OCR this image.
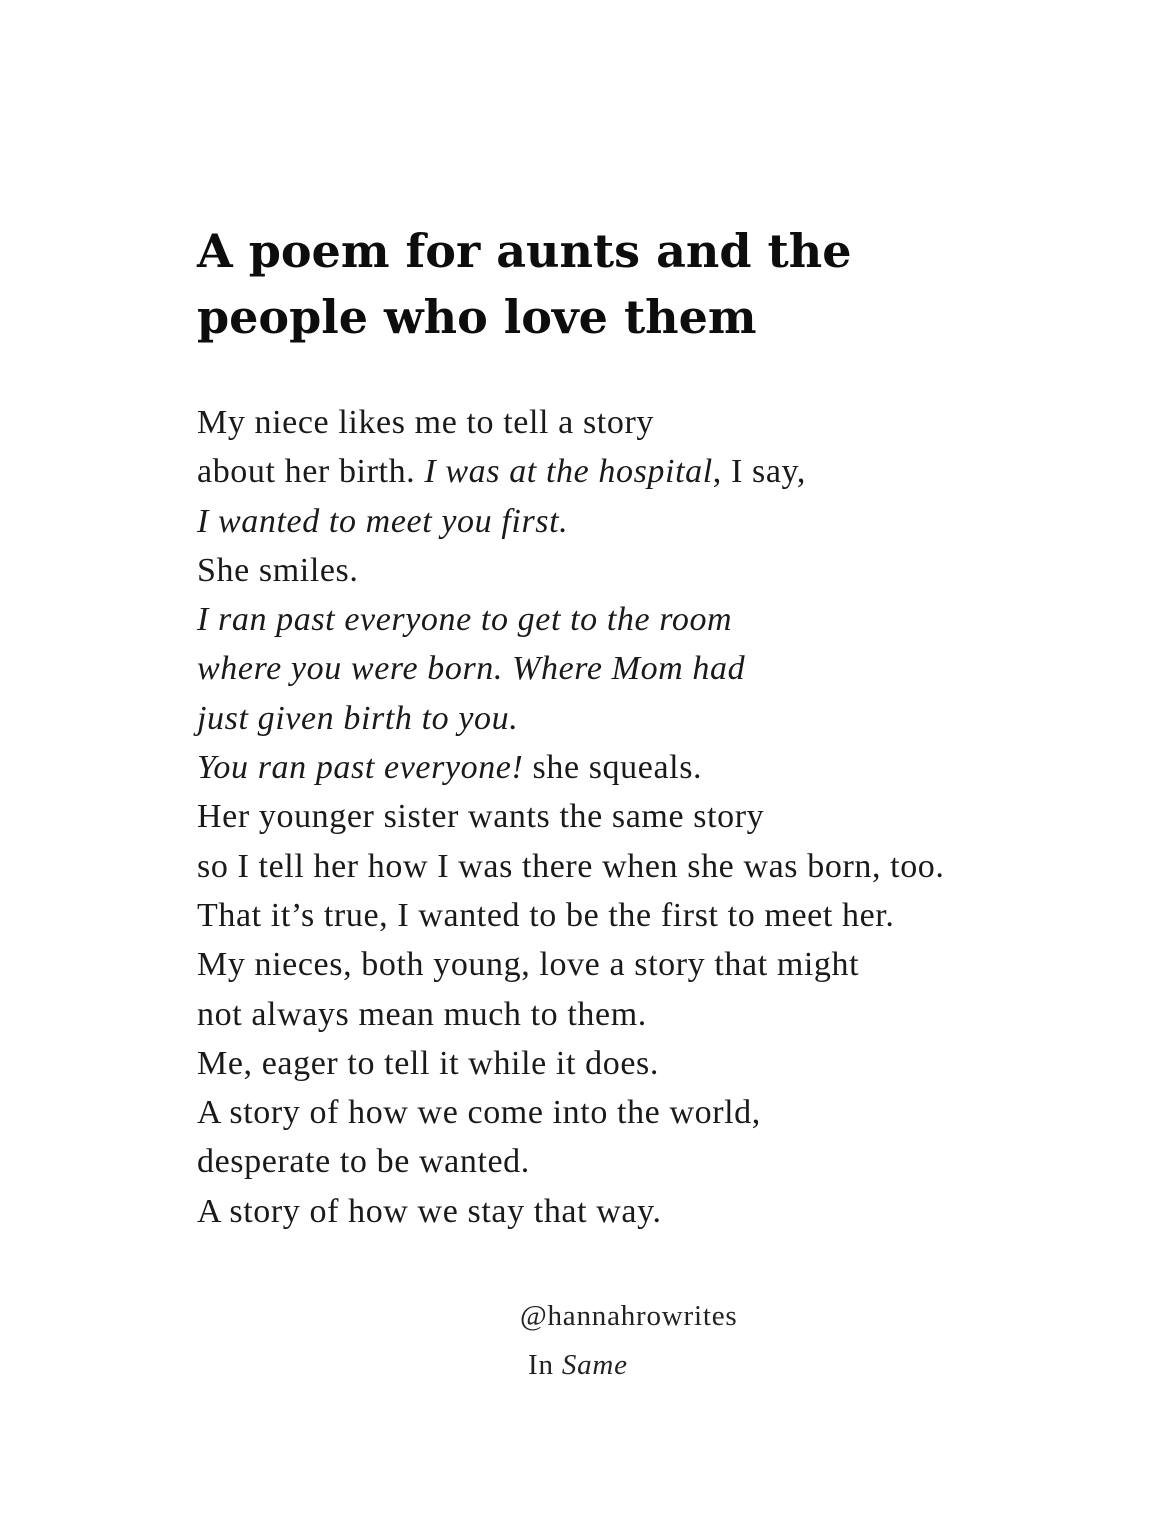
A poem for aunts and the
people who love them
My niece likes me to tell a story
about her birth. I was at the hospital, I say,
I wanted to meet you first.
She smiles.
I ran past everyone to get to the room
where you were born. Where Mom had
just given birth to you.
You ran past everyone! she squeals.
Her younger sister wants the same story
so I tell her how I was there when she was born, too.
That it’s true, I wanted to be the first to meet her.
My nieces, both young, love a story that might
not always mean much to them.
Me, eager to tell it while it does.
A story of how we come into the world,
desperate to be wanted.
A story of how we stay that way.
@hannahrowrites
In Same
